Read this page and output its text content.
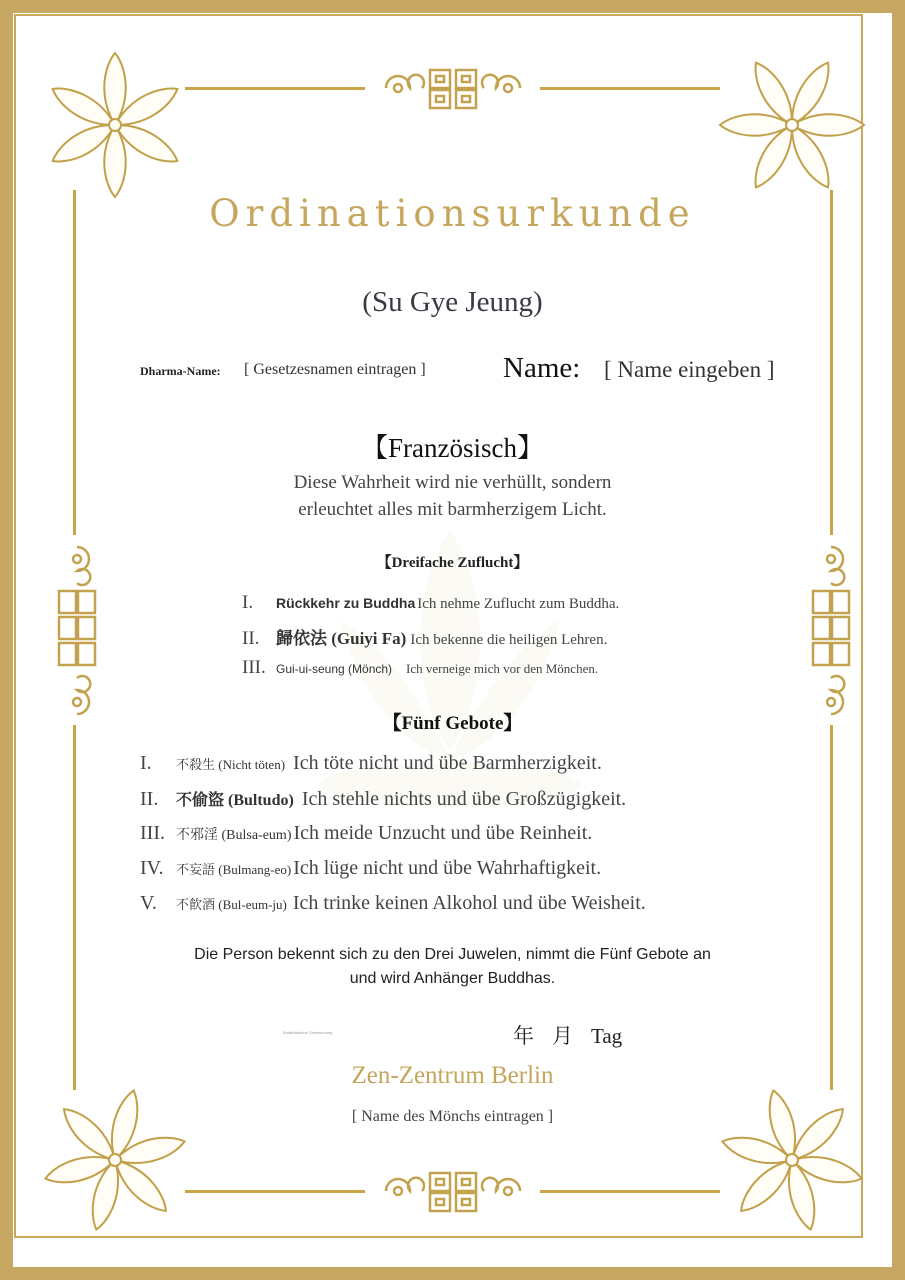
Ordinationsurkunde
(Su Gye Jeung)
Dharma-Name: [ Gesetzesnamen eintragen ]	Name: [ Name eingeben ]
【Französisch】
Diese Wahrheit wird nie verhüllt, sondern
erleuchtet alles mit barmherzigem Licht.
【Dreifache Zuflucht】
I. Rückkehr zu Buddha Ich nehme Zuflucht zum Buddha.
II. 歸依法 (Guiyi Fa) Ich bekenne die heiligen Lehren.
III. Gui-ui-seung (Mönch) Ich verneige mich vor den Mönchen.
【Fünf Gebote】
I. 不殺生 (Nicht töten) Ich töte nicht und übe Barmherzigkeit.
II. 不偷盜 (Bultudo) Ich stehle nichts und übe Großzügigkeit.
III. 不邪淫 (Bulsa-eum) Ich meide Unzucht und übe Reinheit.
IV. 不妄語 (Bulmang-eo) Ich lüge nicht und übe Wahrhaftigkeit.
V. 不飮酒 (Bul-eum-ju) Ich trinke keinen Alkohol und übe Weisheit.
Die Person bekennt sich zu den Drei Juwelen, nimmt die Fünf Gebote an
und wird Anhänger Buddhas.
Buddhistische Zeitrechnung	年 月 Tag
Zen-Zentrum Berlin
[ Name des Mönchs eintragen ]
